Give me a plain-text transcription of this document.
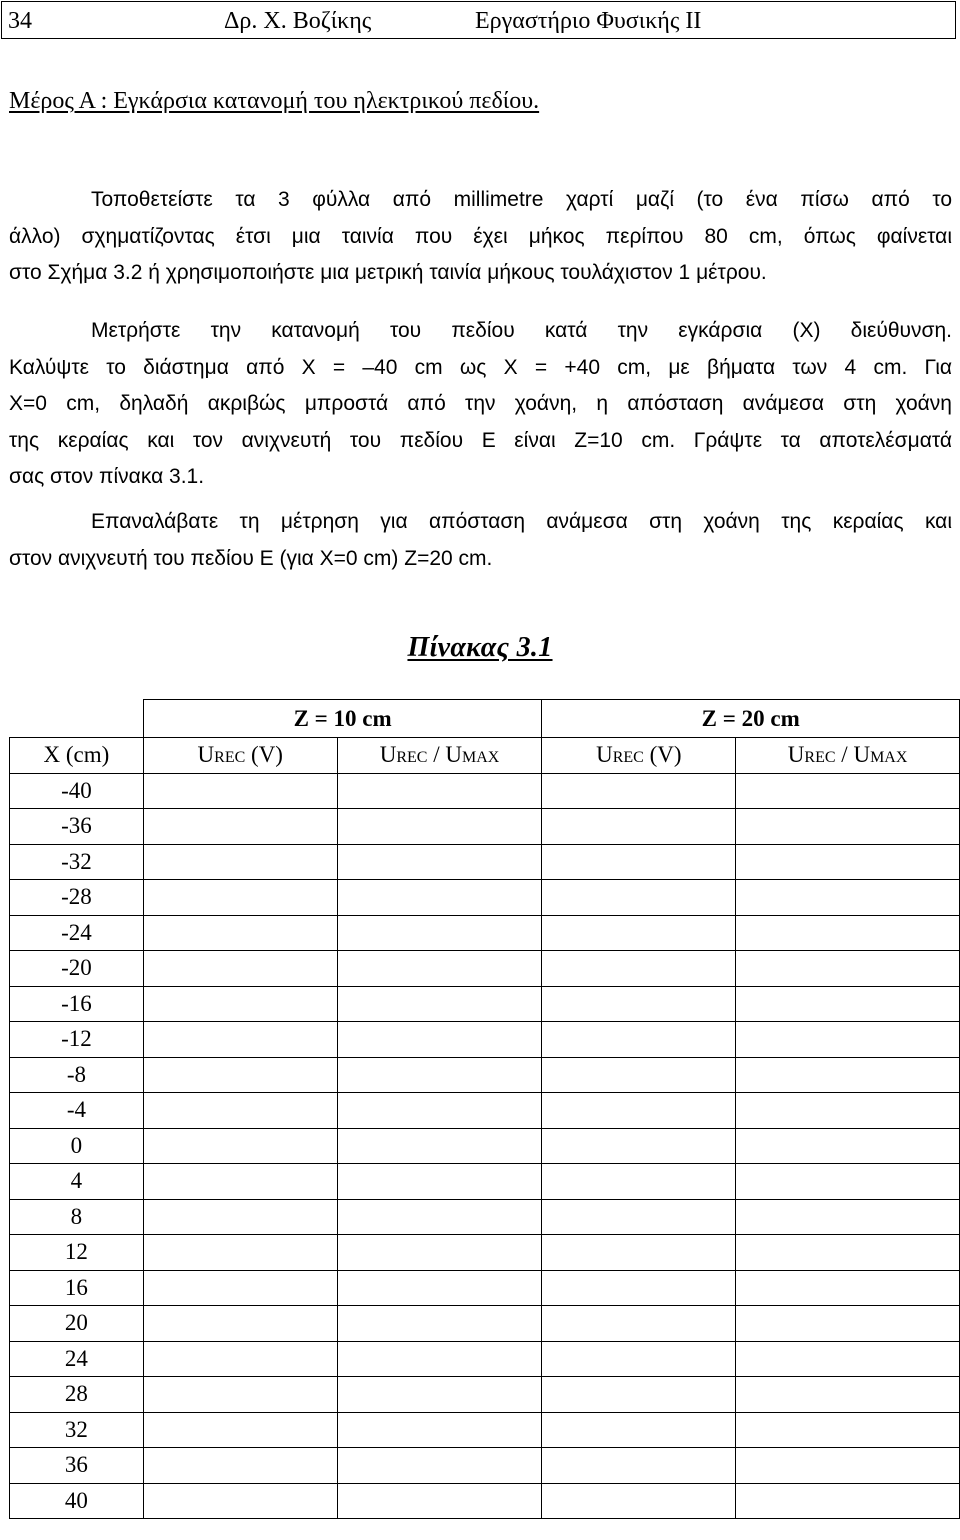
34	Δρ. Χ. Βοζίκης	Εργαστήριο Φυσικής ΙΙ
Μέρος Α : Εγκάρσια κατανομή του ηλεκτρικού πεδίου.
Τοποθετείστε τα 3 φύλλα από millimetre χαρτί μαζί (το ένα πίσω από το
άλλο) σχηματίζοντας έτσι μια ταινία που έχει μήκος περίπου 80 cm, όπως φαίνεται
στο Σχήμα 3.2 ή χρησιμοποιήστε μια μετρική ταινία μήκους τουλάχιστον 1 μέτρου.
Μετρήστε την κατανομή του πεδίου κατά την εγκάρσια (Χ) διεύθυνση.
Καλύψτε το διάστημα από Χ = –40 cm ως Χ = +40 cm, με βήματα των 4 cm. Για
Χ=0 cm, δηλαδή ακριβώς μπροστά από την χοάνη, η απόσταση ανάμεσα στη χοάνη
της κεραίας και τον ανιχνευτή του πεδίου Ε είναι Ζ=10 cm. Γράψτε τα αποτελέσματά
σας στον πίνακα 3.1.
Επαναλάβατε τη μέτρηση για απόσταση ανάμεσα στη χοάνη της κεραίας και
στον ανιχνευτή του πεδίου Ε (για Χ=0 cm) Ζ=20 cm.
Πίνακας 3.1
	Z = 10 cm		Z = 20 cm	
X (cm)	UREC (V)	UREC / UMAX	UREC (V)	UREC / UMAX
-40				
-36				
-32				
-28				
-24				
-20				
-16				
-12				
-8				
-4				
0				
4				
8				
12				
16				
20				
24				
28				
32				
36				
40				
